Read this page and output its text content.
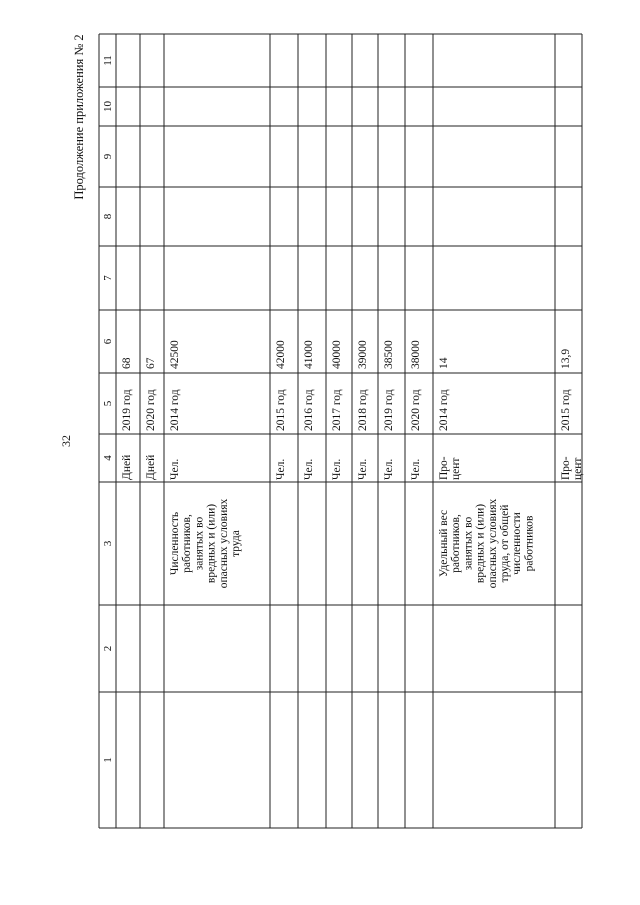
32
Продолжение приложения № 2
1
2
3
4
5
6
7
8
9
10
11
Дней
2019 год
68
Дней
2020 год
67
Численность работников, занятых во вредных и (или) опасных условиях труда
Чел.
2014 год
42500
Чел.
2015 год
42000
Чел.
2016 год
41000
Чел.
2017 год
40000
Чел.
2018 год
39000
Чел.
2019 год
38500
Чел.
2020 год
38000
Удельный вес работников, занятых во вредных и (или) опасных условиях труда, от общей численности работников
Про- цент
2014 год
14
Про- цент
2015 год
13,9
